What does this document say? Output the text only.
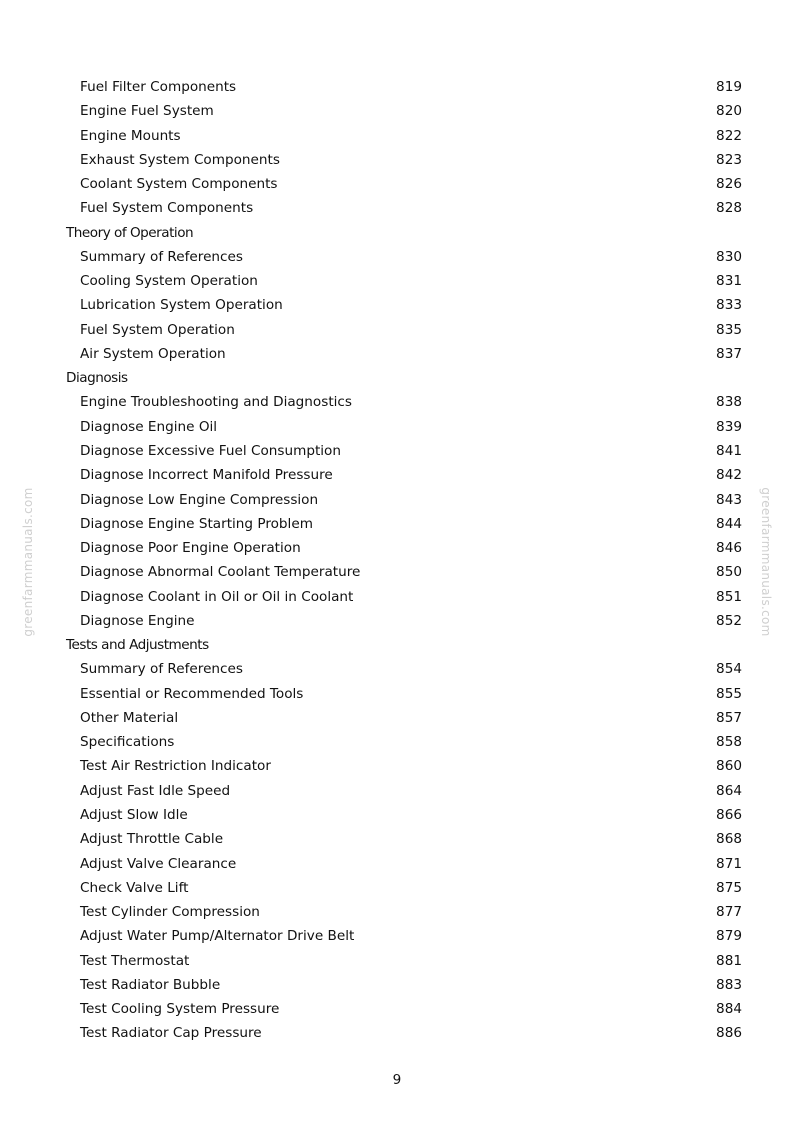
Fuel Filter Components	819
Engine Fuel System	820
Engine Mounts	822
Exhaust System Components	823
Coolant System Components	826
Fuel System Components	828
Theory of Operation
Summary of References	830
Cooling System Operation	831
Lubrication System Operation	833
Fuel System Operation	835
Air System Operation	837
Diagnosis
Engine Troubleshooting and Diagnostics	838
Diagnose Engine Oil	839
Diagnose Excessive Fuel Consumption	841
Diagnose Incorrect Manifold Pressure	842
Diagnose Low Engine Compression	843
Diagnose Engine Starting Problem	844
Diagnose Poor Engine Operation	846
Diagnose Abnormal Coolant Temperature	850
Diagnose Coolant in Oil or Oil in Coolant	851
Diagnose Engine	852
Tests and Adjustments
Summary of References	854
Essential or Recommended Tools	855
Other Material	857
Specifications	858
Test Air Restriction Indicator	860
Adjust Fast Idle Speed	864
Adjust Slow Idle	866
Adjust Throttle Cable	868
Adjust Valve Clearance	871
Check Valve Lift	875
Test Cylinder Compression	877
Adjust Water Pump/Alternator Drive Belt	879
Test Thermostat	881
Test Radiator Bubble	883
Test Cooling System Pressure	884
Test Radiator Cap Pressure	886
9
greenfarmmanuals.com	greenfarmmanuals.com
